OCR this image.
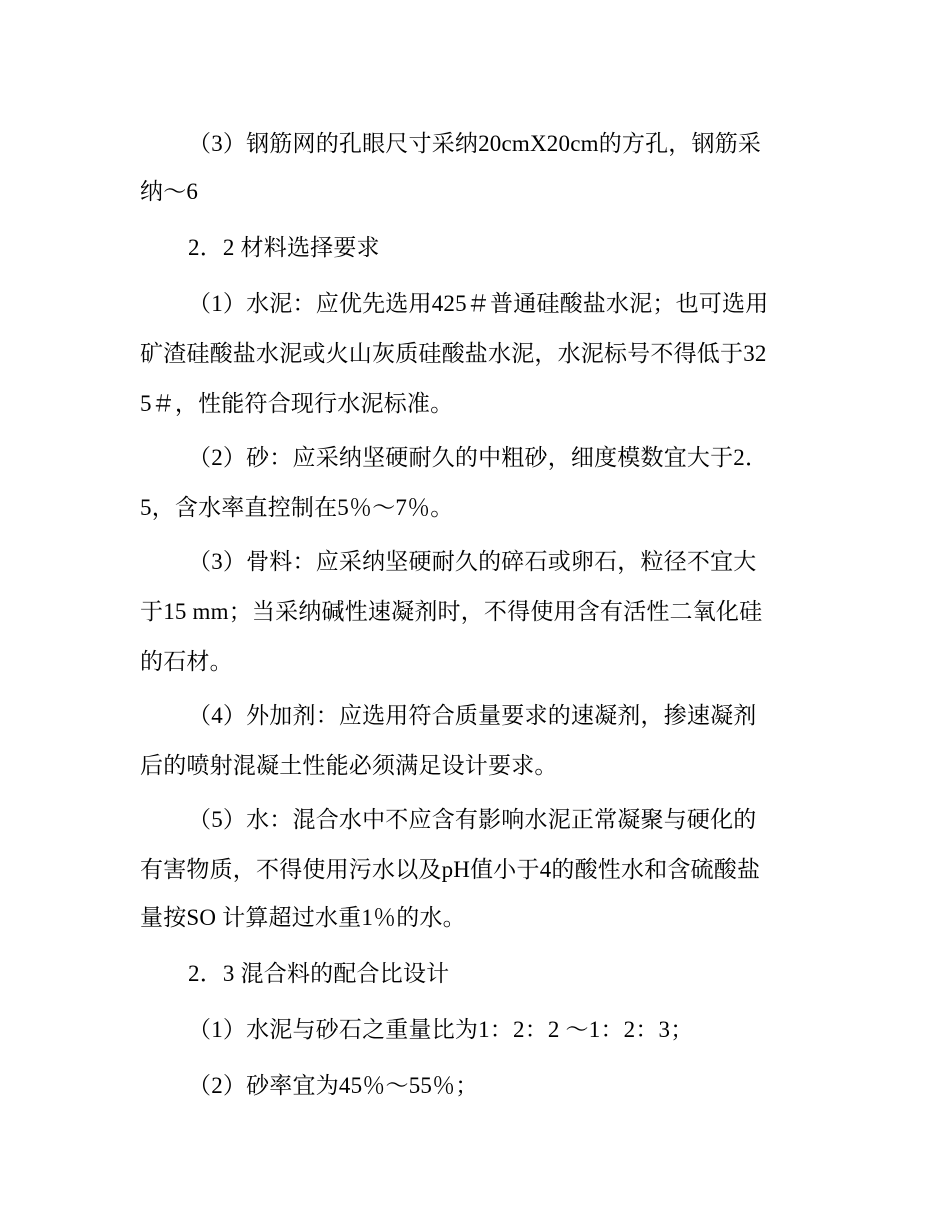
（3）钢筋网的孔眼尺寸采纳20cmX20cm的方孔，钢筋采
纳～6
2．2 材料选择要求
（1）水泥：应优先选用425＃普通硅酸盐水泥；也可选用
矿渣硅酸盐水泥或火山灰质硅酸盐水泥，水泥标号不得低于32
5＃，性能符合现行水泥标准。
（2）砂：应采纳坚硬耐久的中粗砂，细度模数宜大于2．
5，含水率直控制在5％～7％。
（3）骨料：应采纳坚硬耐久的碎石或卵石，粒径不宜大
于15 mm；当采纳碱性速凝剂时，不得使用含有活性二氧化硅
的石材。
（4）外加剂：应选用符合质量要求的速凝剂，掺速凝剂
后的喷射混凝土性能必须满足设计要求。
（5）水：混合水中不应含有影响水泥正常凝聚与硬化的
有害物质，不得使用污水以及pH值小于4的酸性水和含硫酸盐
量按SO 计算超过水重1％的水。
2．3 混合料的配合比设计
（1）水泥与砂石之重量比为1：2：2 ～1：2：3；
（2）砂率宜为45％～55％；
